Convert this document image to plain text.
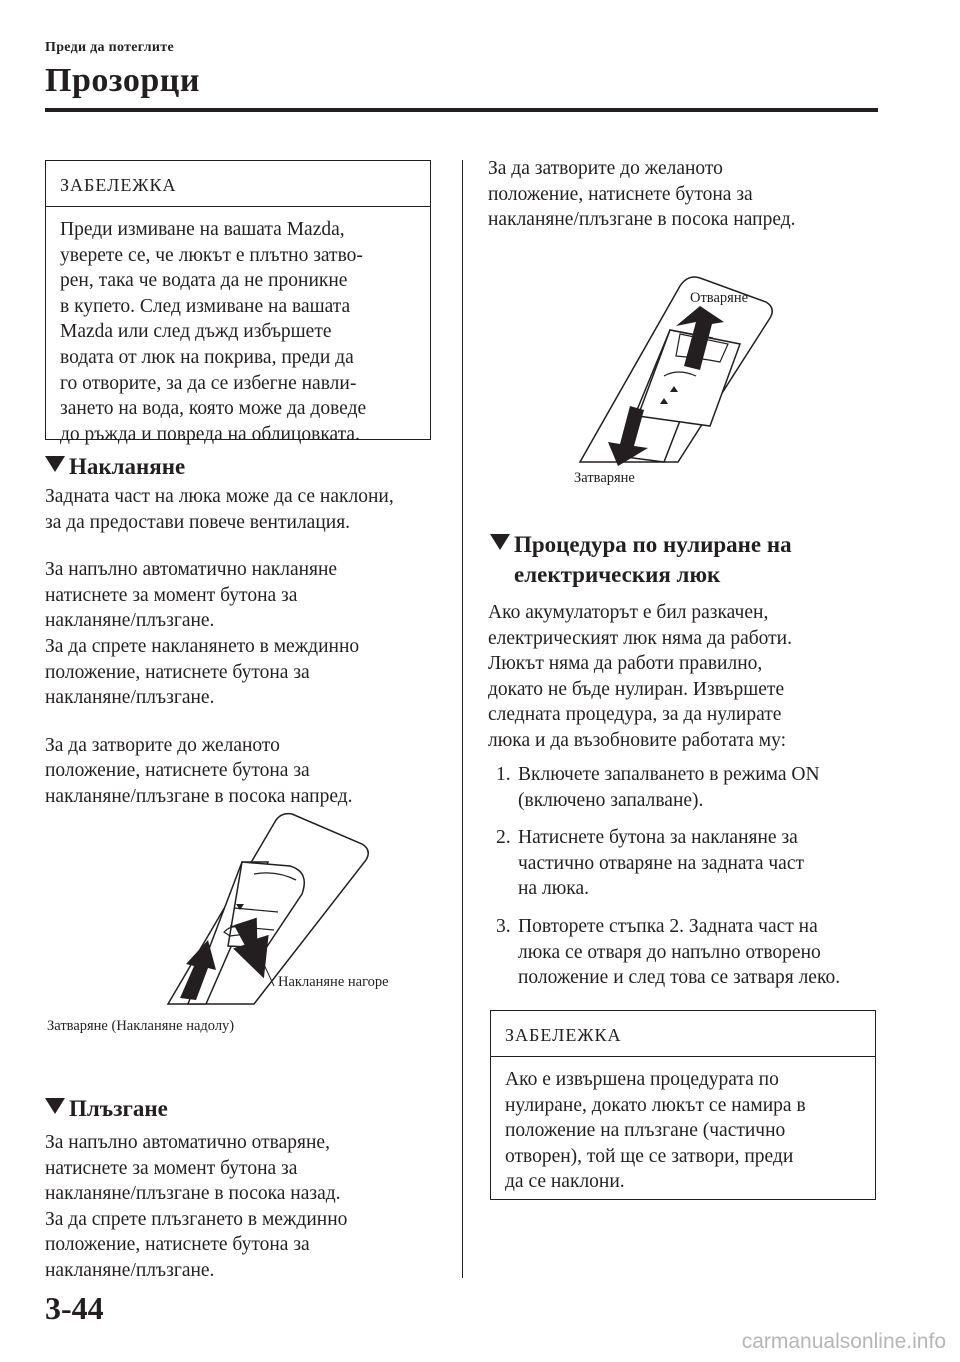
Преди да потеглите
Прозорци
ЗАБЕЛЕЖКА

Преди измиване на вашата Mazda,

уверете се, че люкът е плътно затво-

рен, така че водата да не проникне

в купето. След измиване на вашата

Mazda или след дъжд избършете

водата от люк на покрива, преди да

го отворите, за да се избегне навли-

зането на вода, която може да доведе

до ръжда и повреда на облицовката.

Накланяне
Задната част на люка може да се наклони,
за да предостави повече вентилация.
За напълно автоматично накланяне
натиснете за момент бутона за
накланяне/плъзгане.
За да спрете накланянето в междинно
положение, натиснете бутона за
накланяне/плъзгане.
За да затворите до желаното
положение, натиснете бутона за
накланяне/плъзгане в посока напред.
Накланяне нагоре
Затваряне (Накланяне надолу)
Плъзгане
За напълно автоматично отваряне,
натиснете за момент бутона за
накланяне/плъзгане в посока назад.
За да спрете плъзгането в междинно
положение, натиснете бутона за
накланяне/плъзгане.
За да затворите до желаното
положение, натиснете бутона за
накланяне/плъзгане в посока напред.
Отваряне
Затваряне
Процедура по нулиране на
електрическия люк
Ако акумулаторът е бил разкачен,
електрическият люк няма да работи.
Люкът няма да работи правилно,
докато не бъде нулиран. Извършете
следната процедура, за да нулирате
люка и да възобновите работата му:
1. Включете запалването в режима ON
(включено запалване).
2. Натиснете бутона за накланяне за
частично отваряне на задната част
на люка.
3. Повторете стъпка 2. Задната част на
люка се отваря до напълно отворено
положение и след това се затваря леко.
ЗАБЕЛЕЖКА

Ако е извършена процедурата по

нулиране, докато люкът се намира в

положение на плъзгане (частично

отворен), той ще се затвори, преди

да се наклони.

3-44
carmanualsonline.info
